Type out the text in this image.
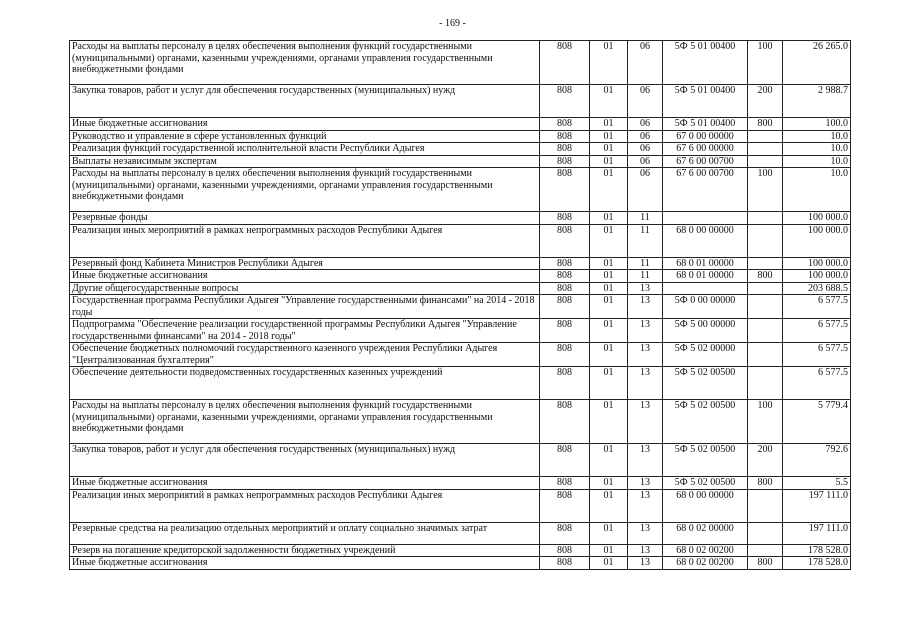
- 169 -
Расходы на выплаты персоналу в целях обеспечения выполнения функций государственными (муниципальными) органами, казенными учреждениями, органами управления государственными внебюджетными фондами	808	01	06	5Ф 5 01 00400	100	26 265.0
Закупка товаров, работ и услуг для обеспечения государственных (муниципальных) нужд	808	01	06	5Ф 5 01 00400	200	2 988.7
Иные бюджетные ассигнования	808	01	06	5Ф 5 01 00400	800	100.0
Руководство и управление в сфере установленных функций	808	01	06	67 0 00 00000		10.0
Реализация функций государственной исполнительной власти Республики Адыгея	808	01	06	67 6 00 00000		10.0
Выплаты независимым экспертам	808	01	06	67 6 00 00700		10.0
Расходы на выплаты персоналу в целях обеспечения выполнения функций государственными (муниципальными) органами, казенными учреждениями, органами управления государственными внебюджетными фондами	808	01	06	67 6 00 00700	100	10.0
Резервные фонды	808	01	11			100 000.0
Реализация иных мероприятий в рамках непрограммных расходов Республики Адыгея	808	01	11	68 0 00 00000		100 000.0
Резервный фонд Кабинета Министров Республики Адыгея	808	01	11	68 0 01 00000		100 000.0
Иные бюджетные ассигнования	808	01	11	68 0 01 00000	800	100 000.0
Другие общегосударственные вопросы	808	01	13			203 688.5
Государственная программа Республики Адыгея "Управление государственными финансами" на 2014 - 2018 годы	808	01	13	5Ф 0 00 00000		6 577.5
Подпрограмма "Обеспечение реализации государственной программы Республики Адыгея "Управление государственными финансами" на 2014 - 2018 годы"	808	01	13	5Ф 5 00 00000		6 577.5
Обеспечение бюджетных полномочий государственного казенного учреждения Республики Адыгея "Централизованная бухгалтерия"	808	01	13	5Ф 5 02 00000		6 577.5
Обеспечение деятельности подведомственных государственных казенных учреждений	808	01	13	5Ф 5 02 00500		6 577.5
Расходы на выплаты персоналу в целях обеспечения выполнения функций государственными (муниципальными) органами, казенными учреждениями, органами управления государственными внебюджетными фондами	808	01	13	5Ф 5 02 00500	100	5 779.4
Закупка товаров, работ и услуг для обеспечения государственных (муниципальных) нужд	808	01	13	5Ф 5 02 00500	200	792.6
Иные бюджетные ассигнования	808	01	13	5Ф 5 02 00500	800	5.5
Реализация иных мероприятий в рамках непрограммных расходов Республики Адыгея	808	01	13	68 0 00 00000		197 111.0
Резервные средства на реализацию отдельных мероприятий и оплату социально значимых затрат	808	01	13	68 0 02 00000		197 111.0
Резерв на погашение кредиторской задолженности бюджетных учреждений	808	01	13	68 0 02 00200		178 528.0
Иные бюджетные ассигнования	808	01	13	68 0 02 00200	800	178 528.0
